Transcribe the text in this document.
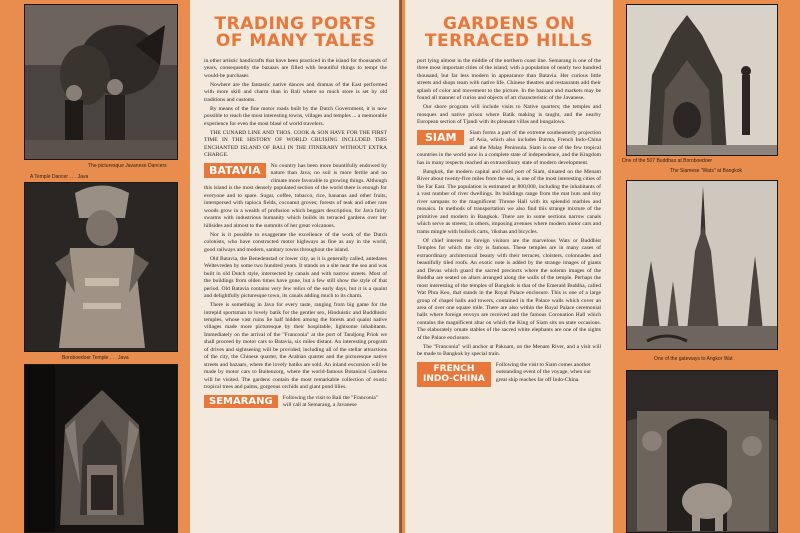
The picturesque Javanese Dancers
A Temple Dancer . . . Java
Boroboedoer Temple . . . Java
TRADING PORTS
OF MANY TALES

in other artistic handicrafts that have been practiced in the island for thousands of years, consequently the bazaars are filled with beautiful things to tempt the would-be purchaser.

Nowhere are the fantastic native dances and dramas of the East performed with more skill and charm than in Bali where so much store is set by old traditions and customs.

By means of the fine motor roads built by the Dutch Government, it is now possible to reach the most interesting towns, villages and temples ... a memorable experience for even the most blasé of world travelers.

THE CUNARD LINE AND THOS. COOK & SON HAVE FOR THE FIRST TIME IN THE HISTORY OF WORLD CRUISING INCLUDED THIS ENCHANTED ISLAND OF BALI IN THE ITINERARY WITHOUT EXTRA CHARGE.

BATAVIA	No country has been more bountifully endowed by nature than Java; no soil is more fertile and no climate more favorable to growing things. Although this island is the most densely populated section of the world there is enough for everyone and to spare. Sugar, coffee, tobacco, rice, bananas and other fruits, interspersed with tapioca fields, cocoanut groves; forests of teak and other rare woods grow in a wealth of profusion which beggars description, for Java fairly swarms with industrious humanity which builds its terraced gardens over her hillsides and almost to the summits of her great volcanoes.

Nor is it possible to exaggerate the excellence of the work of the Dutch colonists, who have constructed motor highways as fine as any in the world, good railways and modern, sanitary towns throughout the island.

Old Batavia, the Benedenstad or lower city, as it is generally called, antedates Weltevreden by some two hundred years. It stands on a site near the sea and was built in old Dutch style, intersected by canals and with narrow streets. Most of the buildings from olden times have gone, but a few still show the style of that period. Old Batavia contains very few relics of the early days, but it is a quaint and delightfully picturesque town, its canals adding much to its charm.

There is something in Java for every taste, ranging from big game for the intrepid sportsman to lovely batik for the gentler sex, Hinduistic and Buddhistic temples, whose vast ruins lie half hidden among the forests and quaint native villages made more picturesque by their hospitable, lightsome inhabitants. Immediately on the arrival of the "Franconia" at the port of Tandjong Priok we shall proceed by motor cars to Batavia, six miles distant. An interesting program of drives and sightseeing will be provided, including all of the stellar attractions of the city, the Chinese quarter, the Arabian quarter and the picturesque native streets and bazaars, where the lovely batiks are sold. An inland excursion will be made by motor cars to Buitenzorg, where the world-famous Botanical Gardens will be visited. The gardens contain the most remarkable collection of exotic tropical trees and palms, gorgeous orchids and giant pond lilies.

SEMARANG	Following the visit to Bali the "Franconia" will call at Semarang, a Javanese

GARDENS ON
TERRACED HILLS

port lying almost in the middle of the northern coast line. Semarang is one of the three most important cities of the island, with a population of nearly two hundred thousand, but far less modern in appearance than Batavia. Her curious little streets and shops team with native life. Chinese theatres and restaurants add their splash of color and movement to the picture. In the bazaars and markets may be found all manner of curios and objects of art characteristic of the Javanese.

Our shore program will include visits to Native quarters; the temples and mosques and native prison where Batik making is taught, and the nearby European section of Tjandi with its pleasant villas and bungalows.

SIAM	Siam forms a part of the extreme southeasterly projection of Asia, which also includes Burma, French Indo-China and the Malay Peninsula. Siam is one of the few tropical countries in the world now in a complete state of independence, and the Kingdom has in many respects reached an extraordinary state of modern development.

Bangkok, the modern capital and chief port of Siam, situated on the Menam River about twenty-five miles from the sea, is one of the most interesting cities of the Far East. The population is estimated at 800,000, including the inhabitants of a vast number of river dwellings. Its buildings range from the mat huts and tiny river sampans to the magnificent Throne Hall with its splendid marbles and mosaics. In methods of transportation we also find this strange mixture of the primitive and modern in Bangkok. There are in some sections narrow canals which serve as streets; in others, imposing avenues where modern motor cars and trams mingle with bullock carts, 'rikshas and bicycles.

Of chief interest to foreign visitors are the marvelous Wats or Buddhist Temples for which the city is famous. These temples are in many cases of extraordinary architectural beauty with their terraces, cloisters, colonnades and beautifully tiled roofs. An exotic note is added by the strange images of giants and Devas which guard the sacred precincts where the solemn images of the Buddha are seated on altars arranged along the walls of the temple. Perhaps the most interesting of the temples of Bangkok is that of the Emerald Buddha, called Wat Phra Keo, that stands in the Royal Palace enclosure. This is one of a large group of chapel halls and towers, contained in the Palace walls which cover an area of over one square mile. There are also within the Royal Palace ceremonial halls where foreign envoys are received and the famous Coronation Hall which contains the magnificent altar on which the King of Siam sits on state occasions. The elaborately ornate stables of the sacred white elephants are one of the sights of the Palace enclosure.

The "Franconia" will anchor at Paknam, on the Menam River, and a visit will be made to Bangkok by special train.

FRENCH
INDO-CHINA

Following the visit to Siam comes another outstanding event of the voyage, when our great ship reaches far off Indo-China.

One of the 507 Buddhas at Boroboedoer
The Siamese "Wats" at Bangkok
One of the gateways to Angkor Wat
